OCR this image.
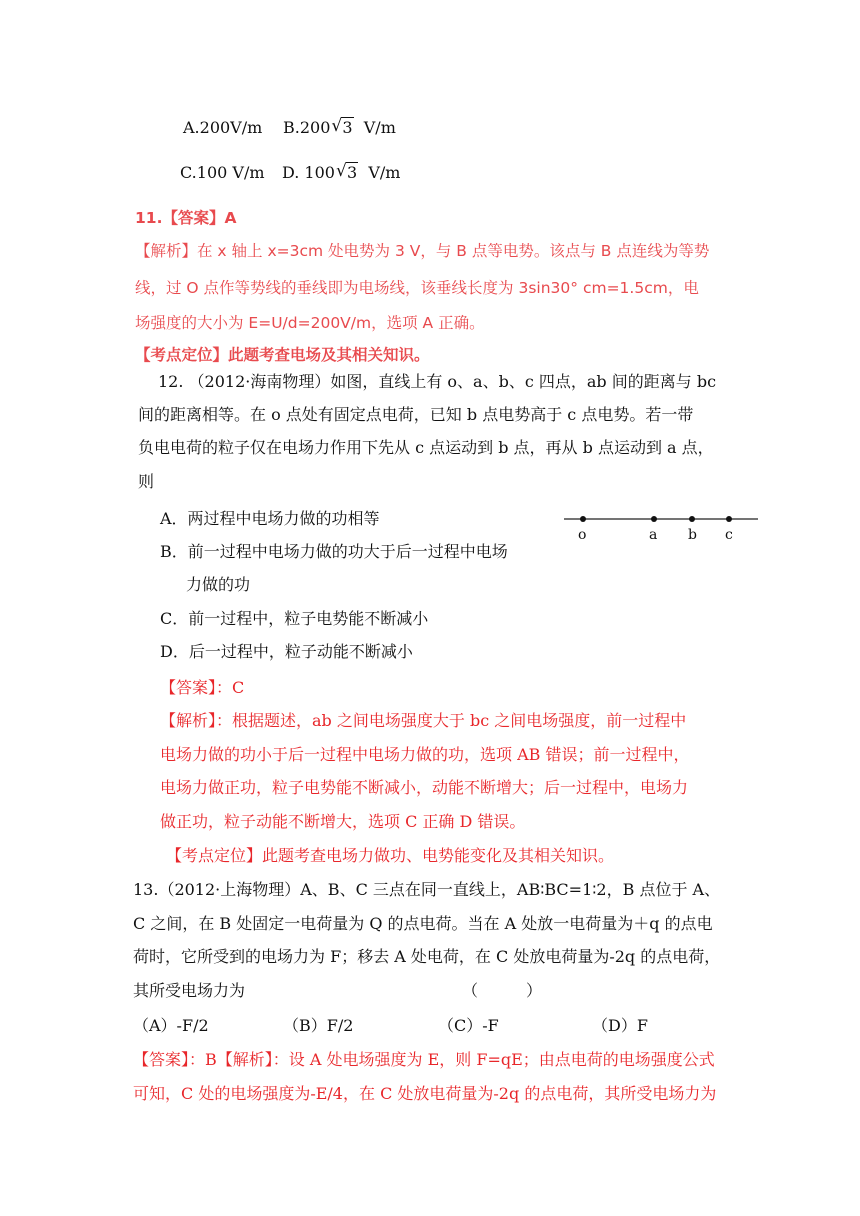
A.200V/m B.200 √ 3 V/m
C.100 V/m D. 100 √ 3 V/m
11.【答案】A
【解析】在 x 轴上 x=3cm 处电势为 3 V，与 B 点等电势。该点与 B 点连线为等势
线，过 O 点作等势线的垂线即为电场线，该垂线长度为 3sin30° cm=1.5cm，电
场强度的大小为 E=U/d=200V/m，选项 A 正确。
【考点定位】此题考查电场及其相关知识。
12. （2012·海南物理）如图，直线上有 o、a、b、c 四点，ab 间的距离与 bc
间的距离相等。在 o 点处有固定点电荷，已知 b 点电势高于 c 点电势。若一带
负电电荷的粒子仅在电场力作用下先从 c 点运动到 b 点，再从 b 点运动到 a 点，
则
A．两过程中电场力做的功相等
B．前一过程中电场力做的功大于后一过程中电场
力做的功
C．前一过程中，粒子电势能不断减小
D．后一过程中，粒子动能不断减小
o	a b c
【答案】：C
【解析】：根据题述，ab 之间电场强度大于 bc 之间电场强度，前一过程中
电场力做的功小于后一过程中电场力做的功，选项 AB 错误；前一过程中，
电场力做正功，粒子电势能不断减小，动能不断增大；后一过程中，电场力
做正功，粒子动能不断增大，选项 C 正确 D 错误。
【考点定位】此题考查电场力做功、电势能变化及其相关知识。
13.（2012·上海物理）A、B、C 三点在同一直线上，AB∶BC=1∶2，B 点位于 A、
C 之间，在 B 处固定一电荷量为 Q 的点电荷。当在 A 处放一电荷量为＋q 的点电
荷时，它所受到的电场力为 F；移去 A 处电荷，在 C 处放电荷量为-2q 的点电荷，
其所受电场力为	（　　　）
（A）-F/2	（B）F/2	（C）-F	（D）F
【答案】：B【解析】：设 A 处电场强度为 E，则 F=qE；由点电荷的电场强度公式
可知，C 处的电场强度为-E/4，在 C 处放电荷量为-2q 的点电荷，其所受电场力为
